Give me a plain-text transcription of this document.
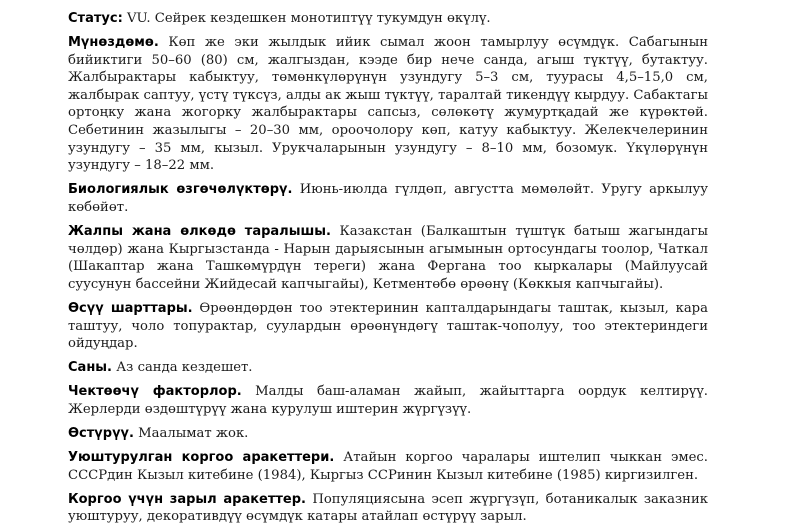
Статус: VU. Сейрек кездешкен монотиптүү тукумдун өкүлү.

Мүнөздөмө. Көп же эки жылдык ийик сымал жоон тамырлуу өсүмдүк. Сабагынын бийиктиги 50–60 (80) см, жалгыздан, кээде бир нече санда, агыш түктүү, бутактуу. Жалбырактары кабыктуу, төмөнкүлөрүнүн узундугу 5–3 см, туурасы 4,5–15,0 см, жалбырак саптуу, үстү түксүз, алды ак жыш түктүү, таралтай тикендүү кырдуу. Сабактагы ортоңку жана жогорку жалбырактары сапсыз, сөлөкөтү жумуртқадай же күрөктөй. Себетинин жазылыгы – 20–30 мм, ороочолору көп, катуу кабыктуу. Желекчелеринин узундугу – 35 мм, кызыл. Урукчаларынын узундугу – 8–10 мм, бозомук. Үкүлөрүнүн узундугу – 18–22 мм.

Биологиялык өзгөчөлүктөрү. Июнь-июлда гүлдөп, августта мөмөлөйт. Уругу аркылуу көбөйөт.

Жалпы жана өлкөдө таралышы. Казакстан (Балкаштын түштүк батыш жагындагы чөлдөр) жана Кыргызстанда - Нарын дарыясынын агымынын ортосундагы тоолор, Чаткал (Шакаптар жана Ташкөмүрдүн тереги) жана Фергана тоо кыркалары (Майлуусай суусунун бассейни Жийдесай капчыгайы), Кетментөбө өрөөнү (Көккыя капчыгайы).

Өсүү шарттары. Өрөөндөрдөн тоо этектеринин капталдарындагы таштак, кызыл, кара таштуу, чоло топурактар, суулардын өрөөнүндөгү таштак-чополуу, тоо этектериндеги ойдуңдар.

Саны. Аз санда кездешет.

Чектөөчү факторлор. Малды баш-аламан жайып, жайыттарга оордук келтирүү. Жерлерди өздөштүрүү жана курулуш иштерин жүргүзүү.

Өстүрүү. Маалымат жок.

Уюштурулган коргоо аракеттери. Атайын коргоо чаралары иштелип чыккан эмес. СССРдин Кызыл китебине (1984), Кыргыз ССРинин Кызыл китебине (1985) киргизилген.

Коргоо үчүн зарыл аракеттер. Популяциясына эсеп жүргүзүп, ботаникалык заказник уюштуруу, декоративдүү өсүмдүк катары атайлап өстүрүү зарыл.
